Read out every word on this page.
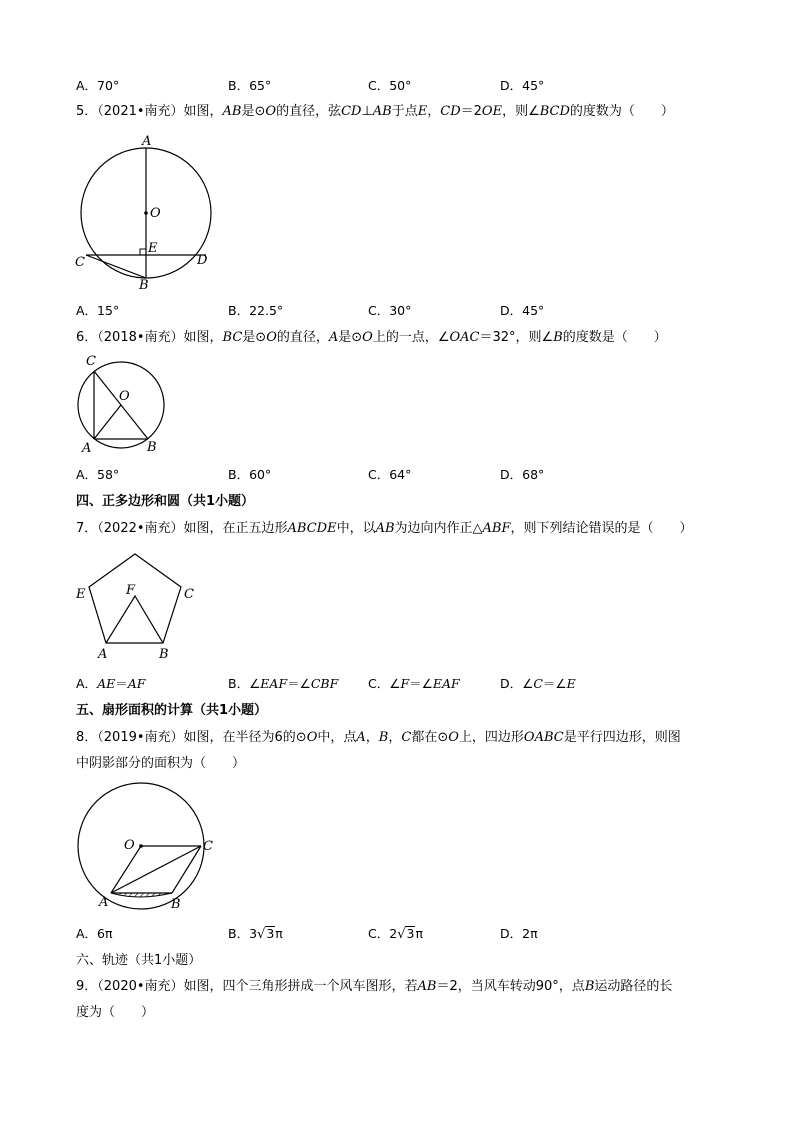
A．70°	B．65°	C．50°	D．45°
5．（2021•南充）如图，AB是⊙O的直径，弦CD⊥AB于点E，CD＝2OE，则∠BCD的度数为（　　）
A
O
E
C	D
B
A．15°	B．22.5°	C．30°	D．45°
6．（2018•南充）如图，BC是⊙O的直径，A是⊙O上的一点，∠OAC＝32°，则∠B的度数是（　　）
C
O
A	B
A．58°	B．60°	C．64°	D．68°
四、正多边形和圆（共1小题）
7．（2022•南充）如图，在正五边形ABCDE中，以AB为边向内作正△ABF，则下列结论错误的是（　　）
E	F	C
A	B
A．AE＝AF	B．∠EAF＝∠CBF C．∠F＝∠EAF	D．∠C＝∠E
五、扇形面积的计算（共1小题）
8．（2019•南充）如图，在半径为6的⊙O中，点A，B，C都在⊙O上，四边形OABC是平行四边形，则图
中阴影部分的面积为（　　）
O	C
A	B
A．6π	B．3√3π	C．2√3π	D．2π
六、轨迹（共1小题）
9．（2020•南充）如图，四个三角形拼成一个风车图形，若AB＝2，当风车转动90°，点B运动路径的长
度为（　　）
